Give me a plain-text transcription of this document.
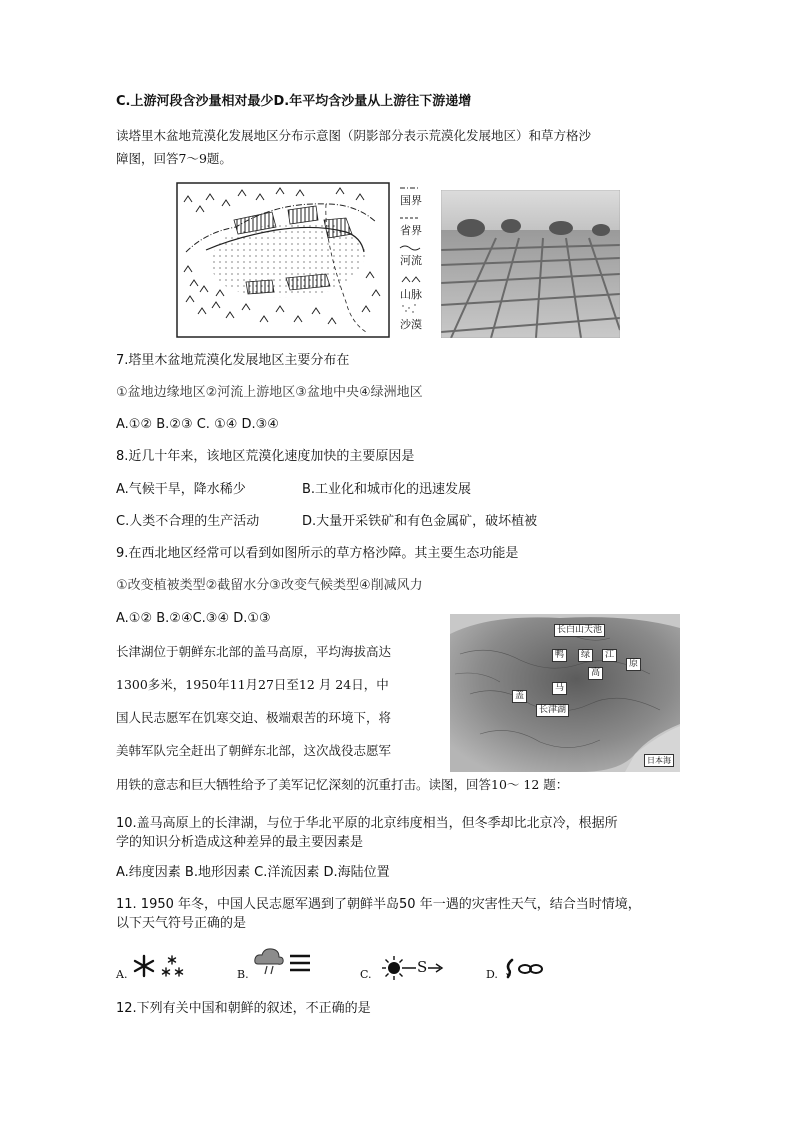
C.上游河段含沙量相对最少D.年平均含沙量从上游往下游递增
读塔里木盆地荒漠化发展地区分布示意图（阴影部分表示荒漠化发展地区）和草方格沙
障图，回答7～9题。
国界
省界
河流
山脉
沙漠
7.塔里木盆地荒漠化发展地区主要分布在
①盆地边缘地区②河流上游地区③盆地中央④绿洲地区
A.①② B.②③ C. ①④ D.③④
8.近几十年来，该地区荒漠化速度加快的主要原因是
A.气候干旱，降水稀少	B.工业化和城市化的迅速发展
C.人类不合理的生产活动	D.大量开采铁矿和有色金属矿，破坏植被
9.在西北地区经常可以看到如图所示的草方格沙障。其主要生态功能是
①改变植被类型②截留水分③改变气候类型④削减风力
A.①② B.②④C.③④ D.①③
长津湖位于朝鲜东北部的盖马高原，平均海拔高达
1300多米，1950年11月27日至12 月 24日，中
国人民志愿军在饥寒交迫、极端艰苦的环境下，将
美韩军队完全赶出了朝鲜东北部，这次战役志愿军
用铁的意志和巨大牺牲给予了美军记忆深刻的沉重打击。读图，回答10～ 12 题：
长白山天池
鸭	绿	江
高
原
盖
马
长津湖
日本海
10.盖马高原上的长津湖，与位于华北平原的北京纬度相当，但冬季却比北京冷，根据所
学的知识分析造成这种差异的最主要因素是
A.纬度因素 B.地形因素 C.洋流因素 D.海陆位置
11. 1950 年冬，中国人民志愿军遇到了朝鲜半岛50 年一遇的灾害性天气，结合当时情境，
以下天气符号正确的是
A.	B.	C.	S	D.
12.下列有关中国和朝鲜的叙述，不正确的是
